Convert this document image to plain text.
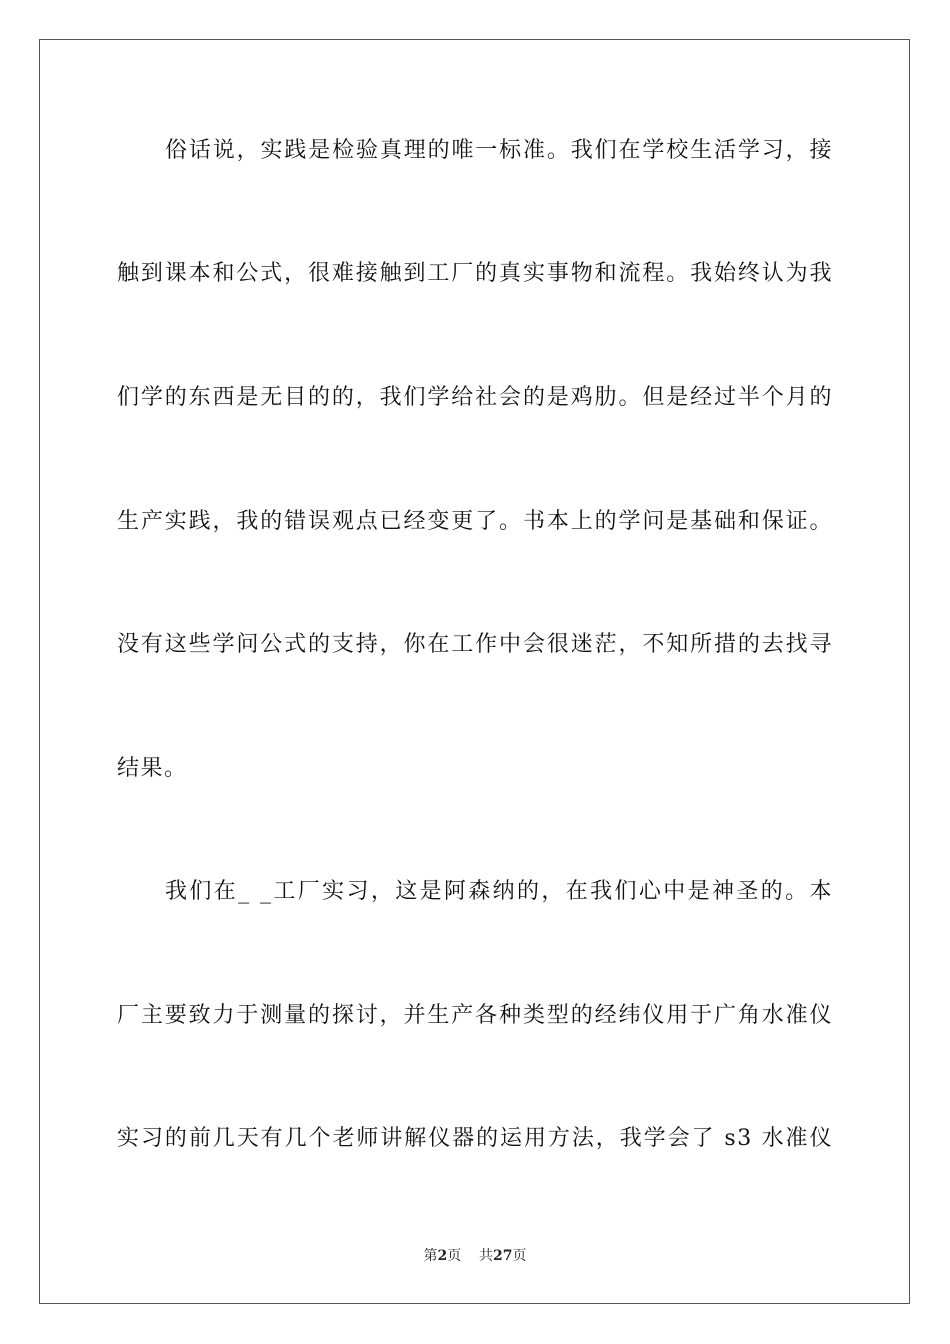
俗话说，实践是检验真理的唯一标准。我们在学校生活学习，接
触到课本和公式，很难接触到工厂的真实事物和流程。我始终认为我
们学的东西是无目的的，我们学给社会的是鸡肋。但是经过半个月的
生产实践，我的错误观点已经变更了。书本上的学问是基础和保证。
没有这些学问公式的支持，你在工作中会很迷茫，不知所措的去找寻
结果。
我们在_ _工厂实习，这是阿森纳的，在我们心中是神圣的。本
厂主要致力于测量的探讨，并生产各种类型的经纬仪用于广角水准仪
实习的前几天有几个老师讲解仪器的运用方法，我学会了 s3 水准仪
第2页 共27页
